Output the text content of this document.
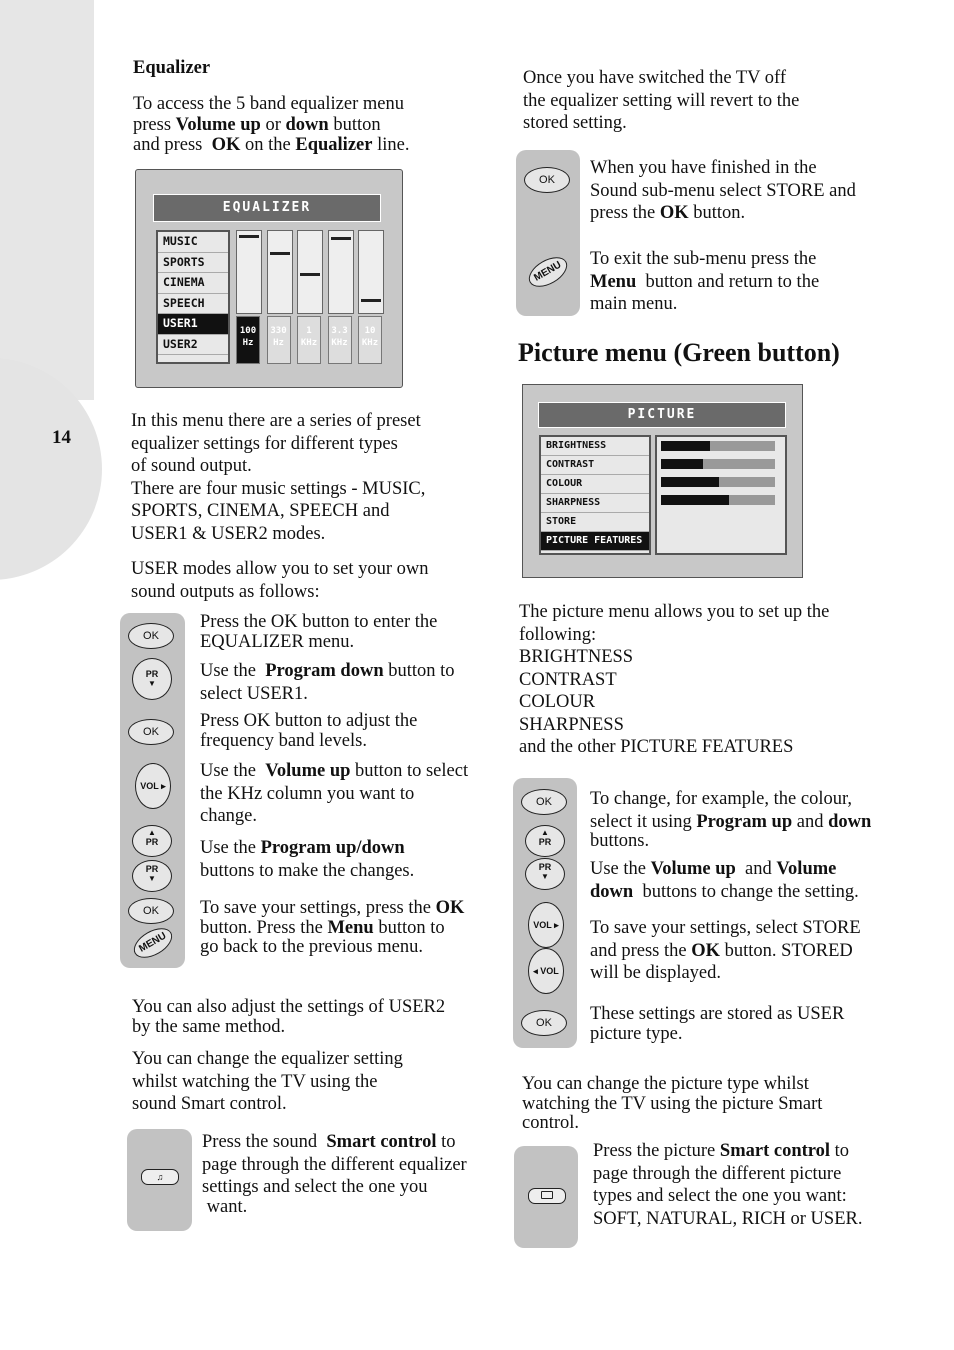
14
Equalizer
To access the 5 band equalizer menu
press Volume up or down button
and press  OK on the Equalizer line.
EQUALIZER
MUSIC
SPORTS
CINEMA
SPEECH
USER1
USER2
100
Hz
330
Hz
1
KHz
3.3
KHz
10
KHz
In this menu there are a series of preset
equalizer settings for different types
of sound output.
There are four music settings - MUSIC,
SPORTS, CINEMA, SPEECH and
USER1 & USER2 modes.
USER modes allow you to set your own
sound outputs as follows:
OK
PR
▼
OK
VOL ▸
▲
PR
PR
▼
OK
MENU
Press the OK button to enter the
EQUALIZER menu.
Use the  Program down button to
select USER1.
Press OK button to adjust the
frequency band levels.
Use the  Volume up button to select
the KHz column you want to
change.
Use the Program up/down
buttons to make the changes.
To save your settings, press the OK
button. Press the Menu button to
go back to the previous menu.
You can also adjust the settings of USER2
by the same method.
You can change the equalizer setting
whilst watching the TV using the
sound Smart control.
♫
Press the sound  Smart control to
page through the different equalizer
settings and select the one you
want.
Once you have switched the TV off
the equalizer setting will revert to the
stored setting.
OK
MENU
When you have finished in the
Sound sub-menu select STORE and
press the OK button.
To exit the sub-menu press the
Menu  button and return to the
main menu.
Picture menu (Green button)
PICTURE
BRIGHTNESS
CONTRAST
COLOUR
SHARPNESS
STORE
PICTURE FEATURES
The picture menu allows you to set up the
following:
BRIGHTNESS
CONTRAST
COLOUR
SHARPNESS
and the other PICTURE FEATURES
OK
▲
PR
PR
▼
VOL ▸
◂ VOL
OK
To change, for example, the colour,
select it using Program up and down
buttons.
Use the Volume up  and Volume
down  buttons to change the setting.
To save your settings, select STORE
and press the OK button. STORED
will be displayed.
These settings are stored as USER
picture type.
You can change the picture type whilst
watching the TV using the picture Smart
control.
Press the picture Smart control to
page through the different picture
types and select the one you want:
SOFT, NATURAL, RICH or USER.
